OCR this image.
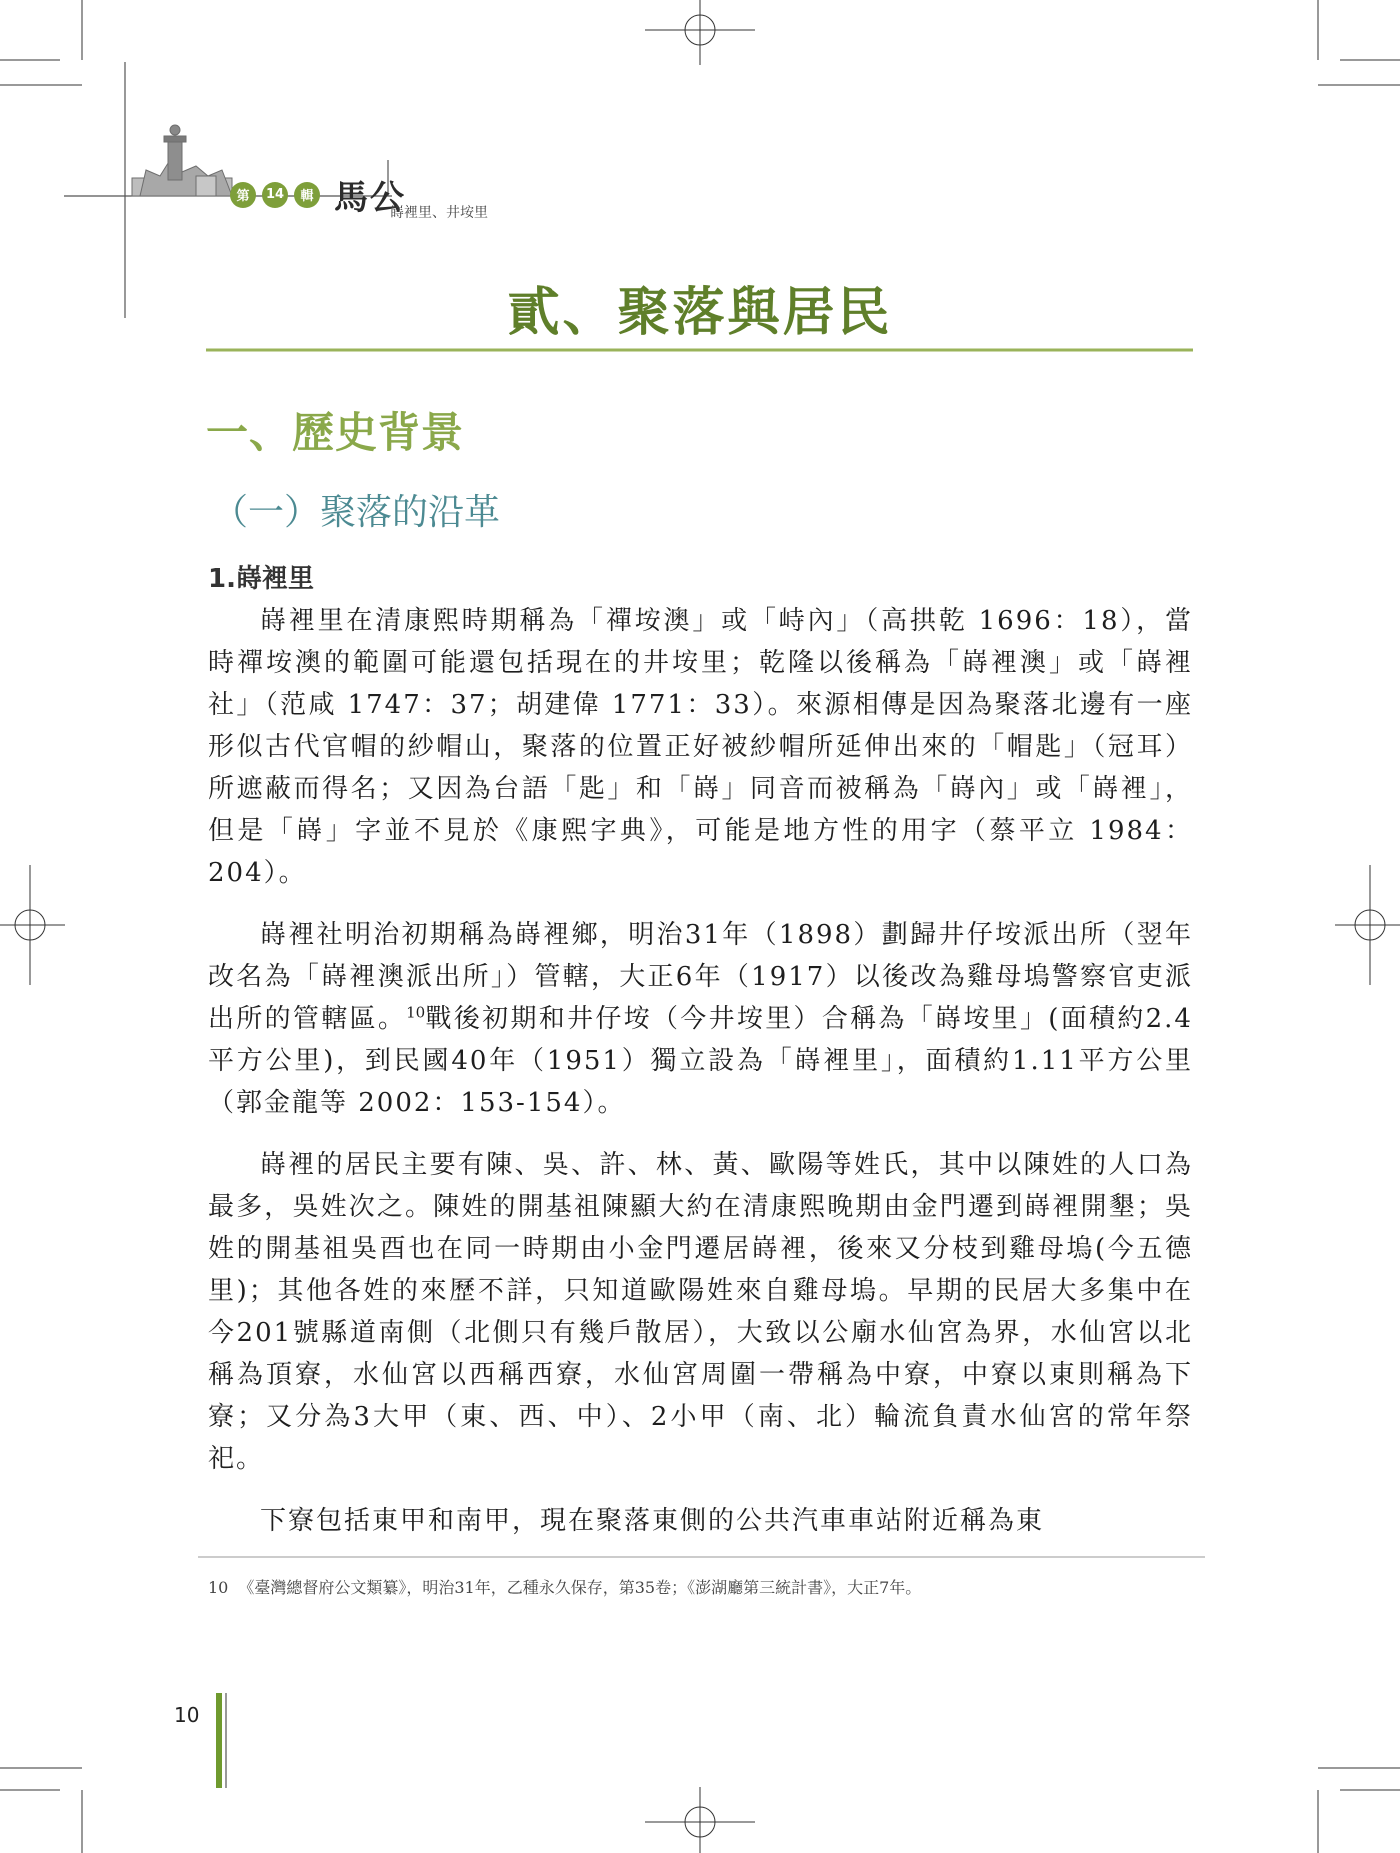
第	14	輯 馬公
嵵裡里、井垵里
貳、聚落與居民
一、歷史背景
（一）聚落的沿革
1.嵵裡里

嵵裡里在清康熙時期稱為「禪垵澳」或「峙內」（高拱乾 1696：18），當時禪垵澳的範圍可能還包括現在的井垵里；乾隆以後稱為「嵵裡澳」或「嵵裡社」（范咸 1747：37；胡建偉 1771：33）。來源相傳是因為聚落北邊有一座形似古代官帽的紗帽山，聚落的位置正好被紗帽所延伸出來的「帽匙」（冠耳）所遮蔽而得名；又因為台語「匙」和「嵵」同音而被稱為「嵵內」或「嵵裡」，但是「嵵」字並不見於《康熙字典》，可能是地方性的用字（蔡平立 1984：204）。

嵵裡社明治初期稱為嵵裡鄉，明治31年（1898）劃歸井仔垵派出所（翌年改名為「嵵裡澳派出所」）管轄，大正6年（1917）以後改為雞母塢警察官吏派出所的管轄區。$^{10}$戰後初期和井仔垵（今井垵里）合稱為「嵵垵里」(面積約2.4平方公里)，到民國40年（1951）獨立設為「嵵裡里」，面積約1.11平方公里（郭金龍等 2002：153-154）。

嵵裡的居民主要有陳、吳、許、林、黃、歐陽等姓氏，其中以陳姓的人口為最多，吳姓次之。陳姓的開基祖陳顯大約在清康熙晚期由金門遷到嵵裡開墾；吳姓的開基祖吳酉也在同一時期由小金門遷居嵵裡，後來又分枝到雞母塢(今五德里)；其他各姓的來歷不詳，只知道歐陽姓來自雞母塢。早期的民居大多集中在今201號縣道南側（北側只有幾戶散居），大致以公廟水仙宮為界，水仙宮以北稱為頂寮，水仙宮以西稱西寮，水仙宮周圍一帶稱為中寮，中寮以東則稱為下寮；又分為3大甲（東、西、中）、2小甲（南、北）輪流負責水仙宮的常年祭祀。

下寮包括東甲和南甲，現在聚落東側的公共汽車車站附近稱為東

10 《臺灣總督府公文類纂》，明治31年，乙種永久保存，第35卷；《澎湖廳第三統計書》，大正7年。
10
